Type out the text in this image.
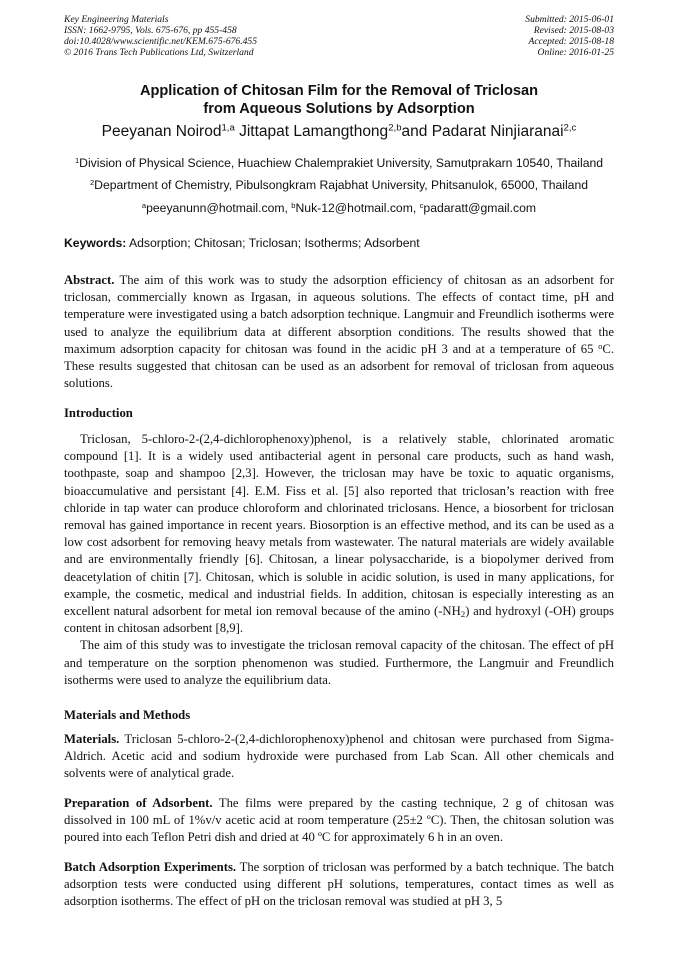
Key Engineering Materials
ISSN: 1662-9795, Vols. 675-676, pp 455-458
doi:10.4028/www.scientific.net/KEM.675-676.455
© 2016 Trans Tech Publications Ltd, Switzerland
Submitted: 2015-06-01
Revised: 2015-08-03
Accepted: 2015-08-18
Online: 2016-01-25
Application of Chitosan Film for the Removal of Triclosan
from Aqueous Solutions by Adsorption
Peeyanan Noirod$^{1,a}$ Jittapat Lamangthong$^{2,b}$and Padarat Ninjiaranai$^{2,c}$
$^1$Division of Physical Science, Huachiew Chalemprakiet University, Samutprakarn 10540, Thailand
$^2$Department of Chemistry, Pibulsongkram Rajabhat University, Phitsanulok, 65000, Thailand
$^a$peeyanunn@hotmail.com, $^b$Nuk-12@hotmail.com, $^c$padaratt@gmail.com
Keywords: Adsorption; Chitosan; Triclosan; Isotherms; Adsorbent

Abstract. The aim of this work was to study the adsorption efficiency of chitosan as an adsorbent for triclosan, commercially known as Irgasan, in aqueous solutions. The effects of contact time, pH and temperature were investigated using a batch adsorption technique. Langmuir and Freundlich isotherms were used to analyze the equilibrium data at different absorption conditions. The results showed that the maximum adsorption capacity for chitosan was found in the acidic pH 3 and at a temperature of 65 $^o$C. These results suggested that chitosan can be used as an adsorbent for removal of triclosan from aqueous solutions.

Introduction

Triclosan, 5-chloro-2-(2,4-dichlorophenoxy)phenol, is a relatively stable, chlorinated aromatic compound [1]. It is a widely used antibacterial agent in personal care products, such as hand wash, toothpaste, soap and shampoo [2,3]. However, the triclosan may have be toxic to aquatic organisms, bioaccumulative and persistant [4]. E.M. Fiss et al. [5] also reported that triclosan’s reaction with free chloride in tap water can produce chloroform and chlorinated triclosans. Hence, a biosorbent for triclosan removal has gained importance in recent years. Biosorption is an effective method, and its can be used as a low cost adsorbent for removing heavy metals from wastewater. The natural materials are widely available and are environmentally friendly [6]. Chitosan, a linear polysaccharide, is a biopolymer derived from deacetylation of chitin [7]. Chitosan, which is soluble in acidic solution, is used in many applications, for example, the cosmetic, medical and industrial fields. In addition, chitosan is especially interesting as an excellent natural adsorbent for metal ion removal because of the amino $(-NH_2)$ and hydroxyl (-OH) groups content in chitosan adsorbent [8,9].

The aim of this study was to investigate the triclosan removal capacity of the chitosan. The effect of pH and temperature on the sorption phenomenon was studied. Furthermore, the Langmuir and Freundlich isotherms were used to analyze the equilibrium data.

Materials and Methods

Materials. Triclosan 5-chloro-2-(2,4-dichlorophenoxy)phenol and chitosan were purchased from Sigma-Aldrich. Acetic acid and sodium hydroxide were purchased from Lab Scan. All other chemicals and solvents were of analytical grade.

Preparation of Adsorbent. The films were prepared by the casting technique, 2 g of chitosan was dissolved in 100 mL of 1%v/v acetic acid at room temperature (25±2 ºC). Then, the chitosan solution was poured into each Teflon Petri dish and dried at 40 ºC for approximately 6 h in an oven.

Batch Adsorption Experiments. The sorption of triclosan was performed by a batch technique. The batch adsorption tests were conducted using different pH solutions, temperatures, contact times as well as adsorption isotherms. The effect of pH on the triclosan removal was studied at pH 3, 5
